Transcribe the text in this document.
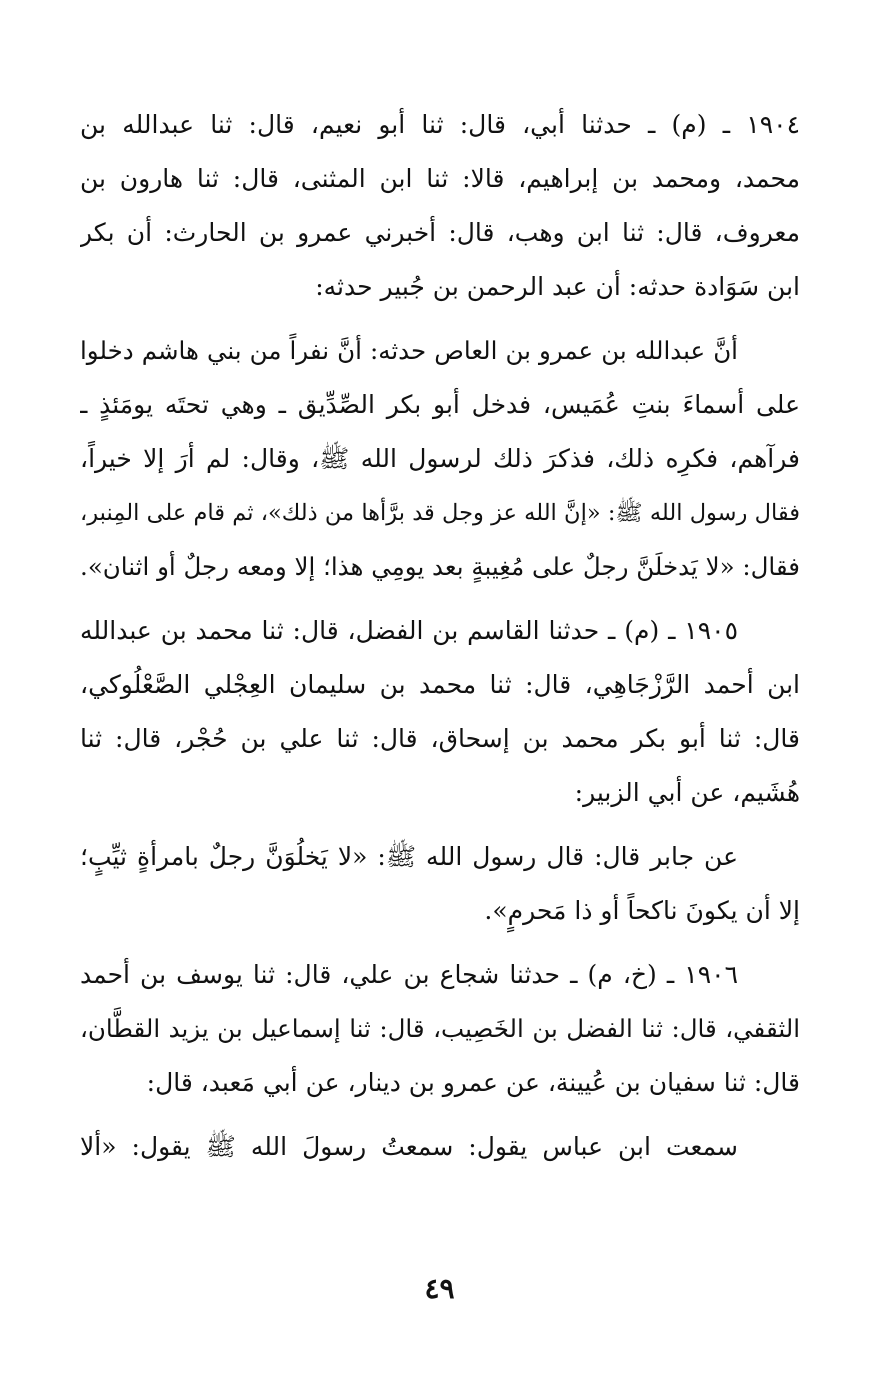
١٩٠٤ ـ (م) ـ حدثنا أبي، قال: ثنا أبو نعيم، قال: ثنا عبدالله بن
محمد، ومحمد بن إبراهيم، قالا: ثنا ابن المثنى، قال: ثنا هارون بن
معروف، قال: ثنا ابن وهب، قال: أخبرني عمرو بن الحارث: أن بكر
ابن سَوَادة حدثه: أن عبد الرحمن بن جُبير حدثه:
أنَّ عبدالله بن عمرو بن العاص حدثه: أنَّ نفراً من بني هاشم دخلوا
على أسماءَ بنتِ عُمَيس، فدخل أبو بكر الصِّدِّيق ـ وهي تحتَه يومَئذٍ ـ
فرآهم، فكرِه ذلك، فذكرَ ذلك لرسول الله ﷺ، وقال: لم أرَ إلا خيراً،
فقال رسول الله ﷺ: «إنَّ الله عز وجل قد برَّأها من ذلك»، ثم قام على المِنبر،
فقال: «لا يَدخلَنَّ رجلٌ على مُغِيبةٍ بعد يومِي هذا؛ إلا ومعه رجلٌ أو اثنان».
١٩٠٥ ـ (م) ـ حدثنا القاسم بن الفضل، قال: ثنا محمد بن عبدالله
ابن أحمد الرَّزْجَاهِي، قال: ثنا محمد بن سليمان العِجْلي الصَّعْلُوكي،
قال: ثنا أبو بكر محمد بن إسحاق، قال: ثنا علي بن حُجْر، قال: ثنا
هُشَيم، عن أبي الزبير:
عن جابر قال: قال رسول الله ﷺ: «لا يَخلُوَنَّ رجلٌ بامرأةٍ ثيِّبٍ؛
إلا أن يكونَ ناكحاً أو ذا مَحرمٍ».
١٩٠٦ ـ (خ، م) ـ حدثنا شجاع بن علي، قال: ثنا يوسف بن أحمد
الثقفي، قال: ثنا الفضل بن الخَصِيب، قال: ثنا إسماعيل بن يزيد القطَّان،
قال: ثنا سفيان بن عُيينة، عن عمرو بن دينار، عن أبي مَعبد، قال:
سمعت ابن عباس يقول: سمعتُ رسولَ الله ﷺ يقول: «ألا
٤٩
